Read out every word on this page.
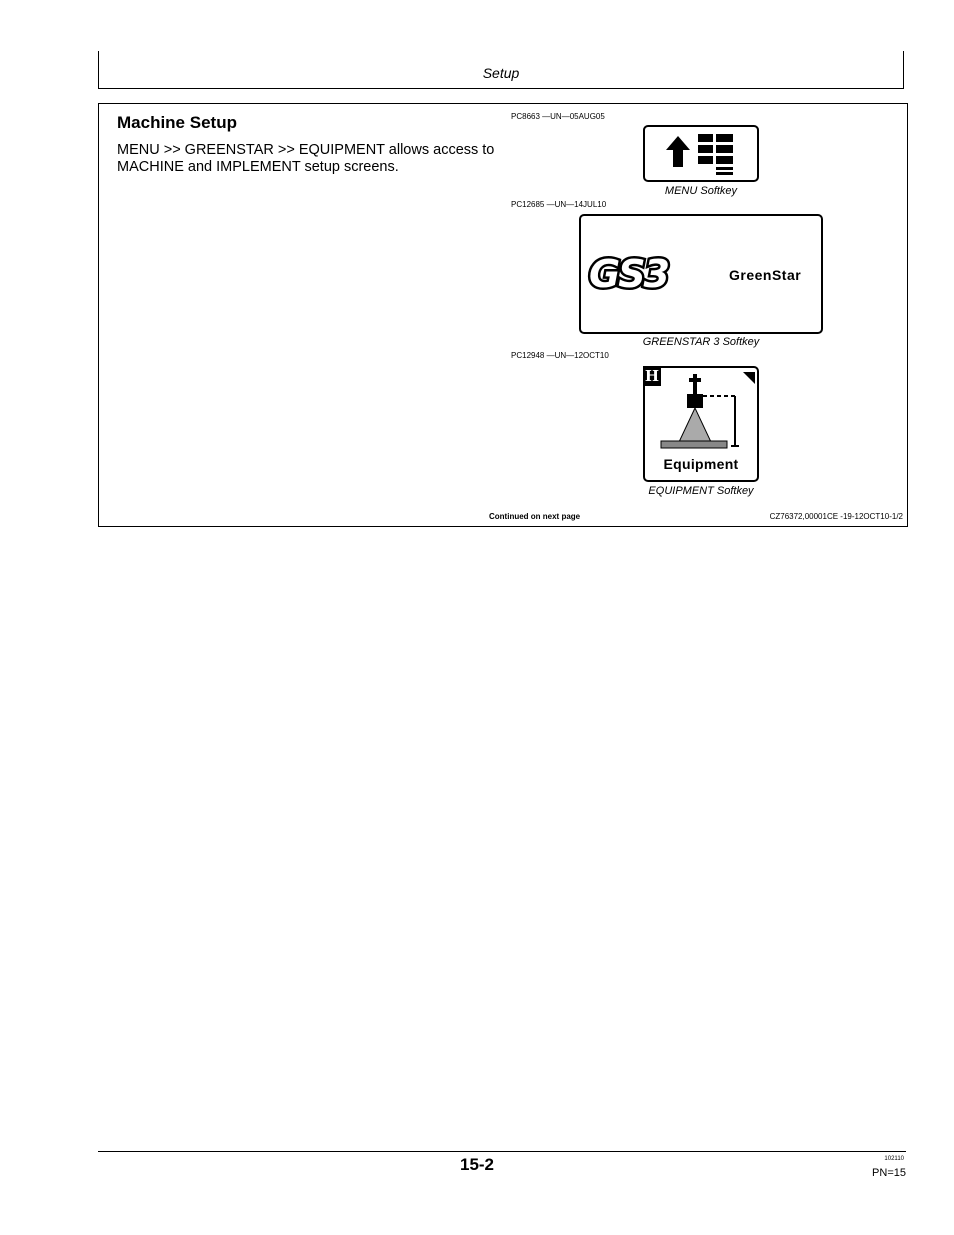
Setup
Machine Setup
MENU >> GREENSTAR >> EQUIPMENT allows access to MACHINE and IMPLEMENT setup screens.
PC8663 —UN—05AUG05
MENU Softkey
PC12685 —UN—14JUL10
GS3	GreenStar
GREENSTAR 3 Softkey
PC12948 —UN—12OCT10
H
Equipment
EQUIPMENT Softkey
Continued on next page	CZ76372,00001CE -19-12OCT10-1/2
15-2	102110
PN=15
